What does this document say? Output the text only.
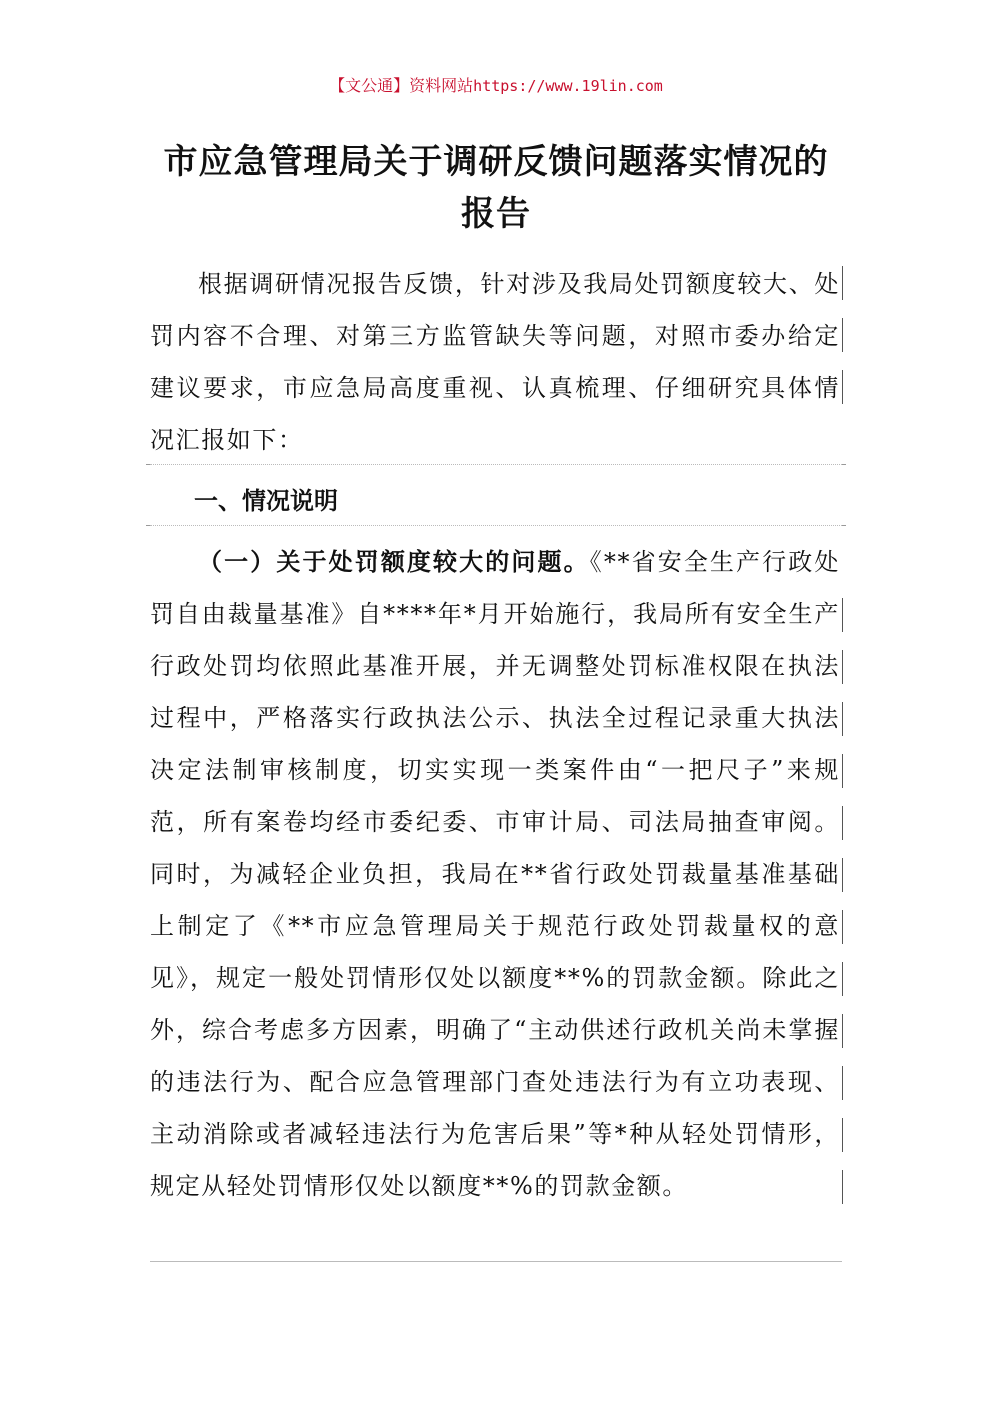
【文公通】资料网站https://www.19lin.com
市应急管理局关于调研反馈问题落实情况的报告
根据调研情况报告反馈，针对涉及我局处罚额度较大、处罚内容不合理、对第三方监管缺失等问题，对照市委办给定建议要求，市应急局高度重视、认真梳理、仔细研究具体情况汇报如下：
一、情况说明
（一）关于处罚额度较大的问题。《**省安全生产行政处罚自由裁量基准》自****年*月开始施行，我局所有安全生产行政处罚均依照此基准开展，并无调整处罚标准权限在执法过程中，严格落实行政执法公示、执法全过程记录重大执法决定法制审核制度，切实实现一类案件由“一把尺子”来规范，所有案卷均经市委纪委、市审计局、司法局抽查审阅。同时，为减轻企业负担，我局在**省行政处罚裁量基准基础上制定了《**市应急管理局关于规范行政处罚裁量权的意见》，规定一般处罚情形仅处以额度**%的罚款金额。除此之外，综合考虑多方因素，明确了“主动供述行政机关尚未掌握的违法行为、配合应急管理部门查处违法行为有立功表现、主动消除或者减轻违法行为危害后果”等*种从轻处罚情形，规定从轻处罚情形仅处以额度**%的罚款金额。
